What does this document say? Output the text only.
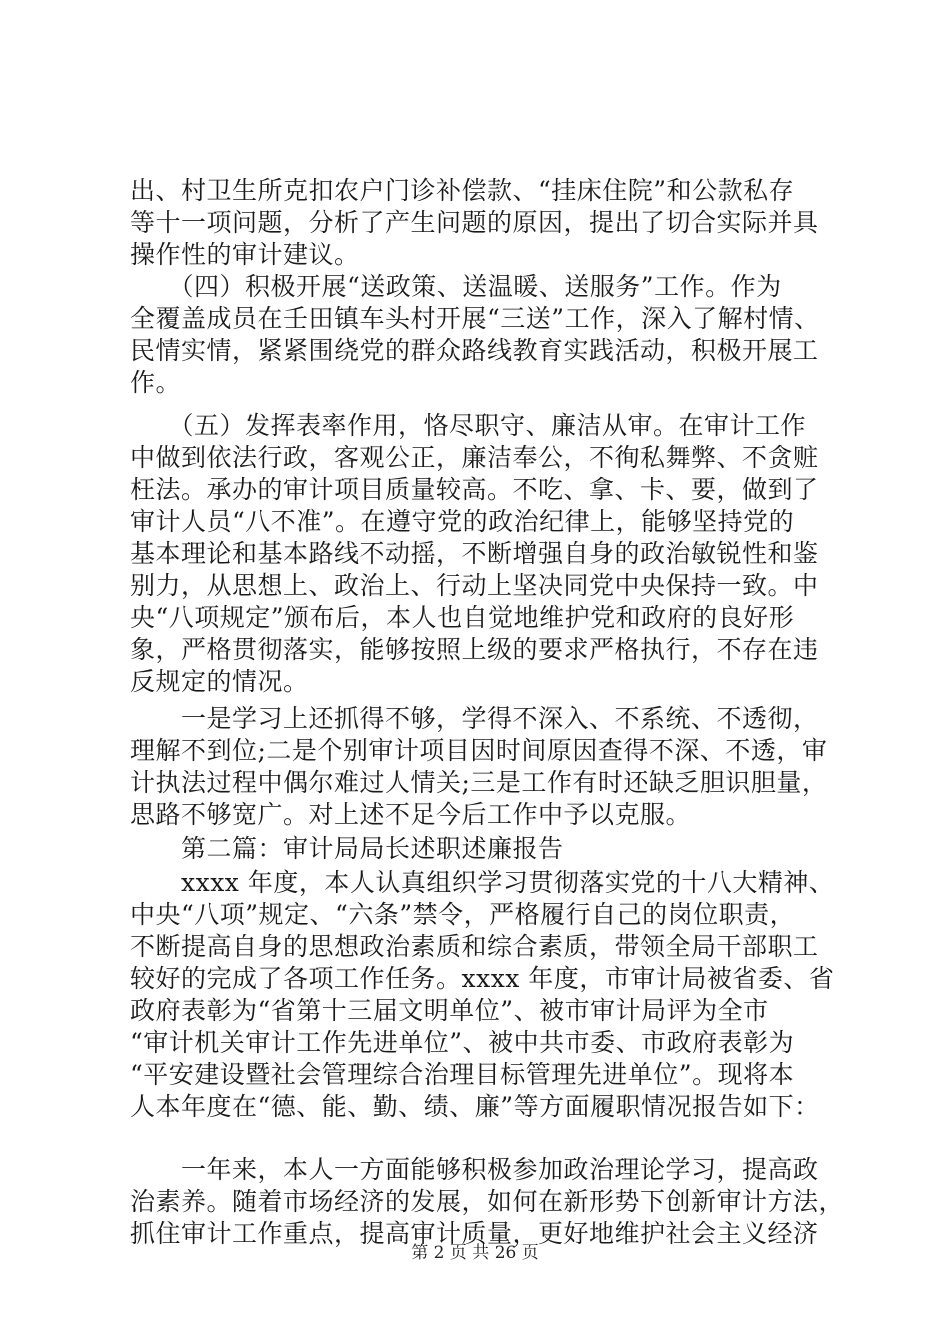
出、村卫生所克扣农户门诊补偿款、“挂床住院”和公款私存
等十一项问题，分析了产生问题的原因，提出了切合实际并具
操作性的审计建议。
　　（四）积极开展“送政策、送温暖、送服务”工作。作为
全覆盖成员在壬田镇车头村开展“三送”工作，深入了解村情、
民情实情，紧紧围绕党的群众路线教育实践活动，积极开展工
作。
　　（五）发挥表率作用，恪尽职守、廉洁从审。在审计工作
中做到依法行政，客观公正，廉洁奉公，不徇私舞弊、不贪赃
枉法。承办的审计项目质量较高。不吃、拿、卡、要，做到了
审计人员“八不准”。在遵守党的政治纪律上，能够坚持党的
基本理论和基本路线不动摇，不断增强自身的政治敏锐性和鉴
别力，从思想上、政治上、行动上坚决同党中央保持一致。中
央“八项规定”颁布后，本人也自觉地维护党和政府的良好形
象，严格贯彻落实，能够按照上级的要求严格执行，不存在违
反规定的情况。
　　一是学习上还抓得不够，学得不深入、不系统、不透彻，
理解不到位;二是个别审计项目因时间原因查得不深、不透，审
计执法过程中偶尔难过人情关;三是工作有时还缺乏胆识胆量，
思路不够宽广。对上述不足今后工作中予以克服。
　　第二篇：审计局局长述职述廉报告
　　xxxx 年度，本人认真组织学习贯彻落实党的十八大精神、
中央“八项”规定、“六条”禁令，严格履行自己的岗位职责，
不断提高自身的思想政治素质和综合素质，带领全局干部职工
较好的完成了各项工作任务。xxxx 年度，市审计局被省委、省
政府表彰为“省第十三届文明单位”、被市审计局评为全市
“审计机关审计工作先进单位”、被中共市委、市政府表彰为
“平安建设暨社会管理综合治理目标管理先进单位”。现将本
人本年度在“德、能、勤、绩、廉”等方面履职情况报告如下：
　　一年来，本人一方面能够积极参加政治理论学习，提高政
治素养。随着市场经济的发展，如何在新形势下创新审计方法，
抓住审计工作重点，提高审计质量，更好地维护社会主义经济
第 2 页 共 26 页
